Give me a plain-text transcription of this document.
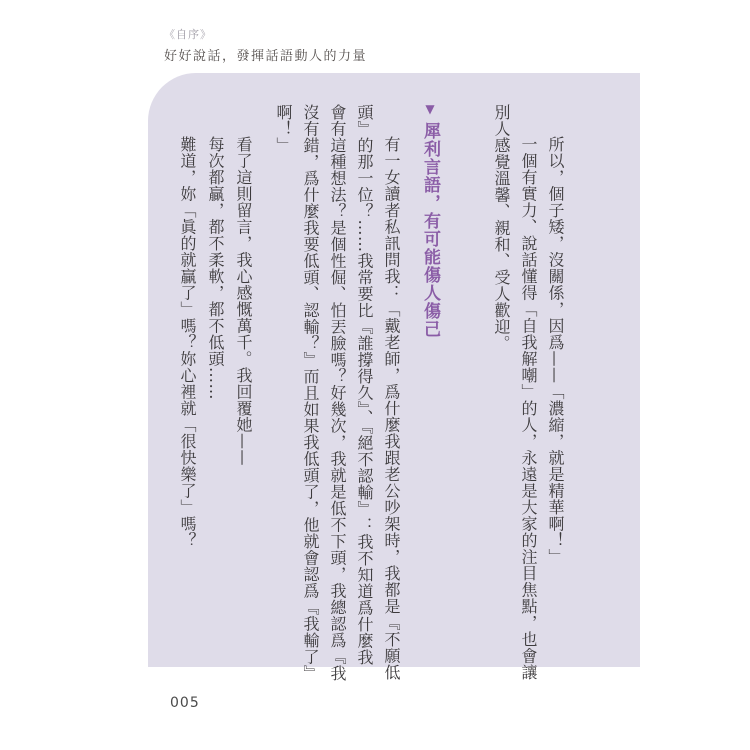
《自序》
好好說話，發揮話語動人的力量
所以，個子矮，沒關係，因爲——「濃縮，就是精華啊！」
一個有實力、說話懂得「自我解嘲」的人，永遠是大家的注目焦點，也會讓
別人感覺溫馨、親和、受人歡迎。
▼犀利言語，有可能傷人傷己
有一女讀者私訊問我：「戴老師，爲什麼我跟老公吵架時，我都是『不願低
頭』的那一位？……我常要比『誰撐得久』、『絕不認輸』：我不知道爲什麼我
會有這種想法？是個性倔、怕丟臉嗎？好幾次，我就是低不下頭，我總認爲『我
沒有錯，爲什麼我要低頭、認輸？』而且如果我低頭了，他就會認爲『我輸了』
啊！」
看了這則留言，我心感慨萬千。我回覆她——
每次都贏，都不柔軟，都不低頭……
難道，妳「眞的就贏了」嗎？妳心裡就「很快樂了」嗎？
005
